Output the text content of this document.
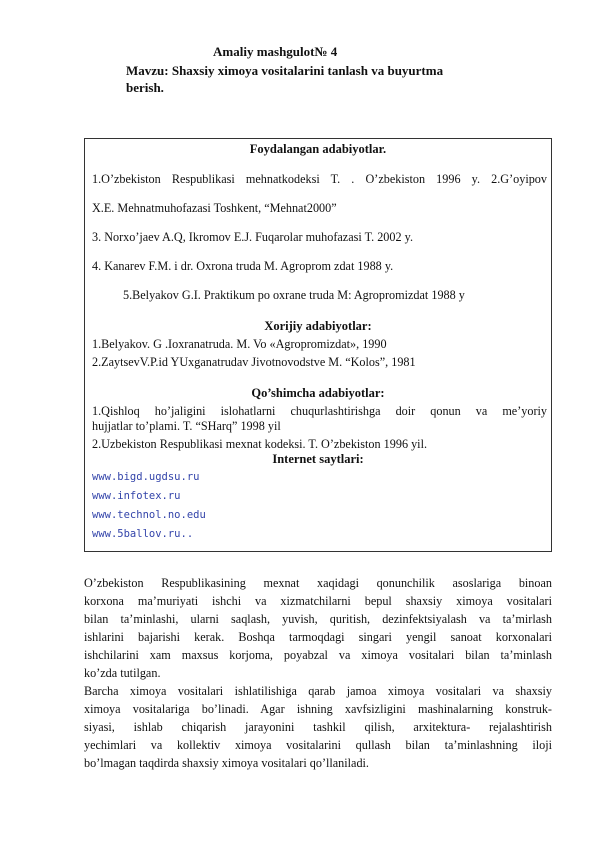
Amaliy mashgulot№ 4
Mavzu: Shaxsiy ximoya vositalarini tanlash va buyurtma
berish.
Foydalangan adabiyotlar.
1.O’zbekiston Respublikasi mehnatkodeksi T. . O’zbekiston 1996 y. 2.G’oyipov
X.E. Mehnatmuhofazasi Toshkent, “Mehnat2000”
3. Norxo’jaev A.Q, Ikromov E.J. Fuqarolar muhofazasi T. 2002 y.
4. Kanarev F.M. i dr. Oxrona truda M. Agroprom zdat 1988 y.
5.Belyakov G.I. Praktikum po oxrane truda M: Agropromizdat 1988 y
Xorijiy adabiyotlar:
1.Belyakov. G .Ioxranatruda. M. Vo «Agropromizdat», 1990
2.ZaytsevV.P.id YUxganatrudav Jivotnovodstve M. “Kolos”, 1981
Qo’shimcha adabiyotlar:
1.Qishloq ho’jaligini islohatlarni chuqurlashtirishga doir qonun va me’yoriy
hujjatlar to’plami. T. “SHarq” 1998 yil
2.Uzbekiston Respublikasi mexnat kodeksi. T. O’zbekiston 1996 yil.
Internet saytlari:
www.bigd.ugdsu.ru
www.infotex.ru
www.technol.no.edu
www.5ballov.ru..
O’zbekiston Respublikasining mexnat xaqidagi qonunchilik asoslariga binoan
korxona ma’muriyati ishchi va xizmatchilarni bepul shaxsiy ximoya vositalari
bilan ta’minlashi, ularni saqlash, yuvish, quritish, dezinfektsiyalash va ta’mirlash
ishlarini bajarishi kerak. Boshqa tarmoqdagi singari yengil sanoat korxonalari
ishchilarini xam maxsus korjoma, poyabzal va ximoya vositalari bilan ta’minlash
ko’zda tutilgan.
Barcha ximoya vositalari ishlatilishiga qarab jamoa ximoya vositalari va shaxsiy
ximoya vositalariga bo’linadi. Agar ishning xavfsizligini mashinalarning konstruk-
siyasi, ishlab chiqarish jarayonini tashkil qilish, arxitektura- rejalashtirish
yechimlari va kollektiv ximoya vositalarini qullash bilan ta’minlashning iloji
bo’lmagan taqdirda shaxsiy ximoya vositalari qo’llaniladi.
